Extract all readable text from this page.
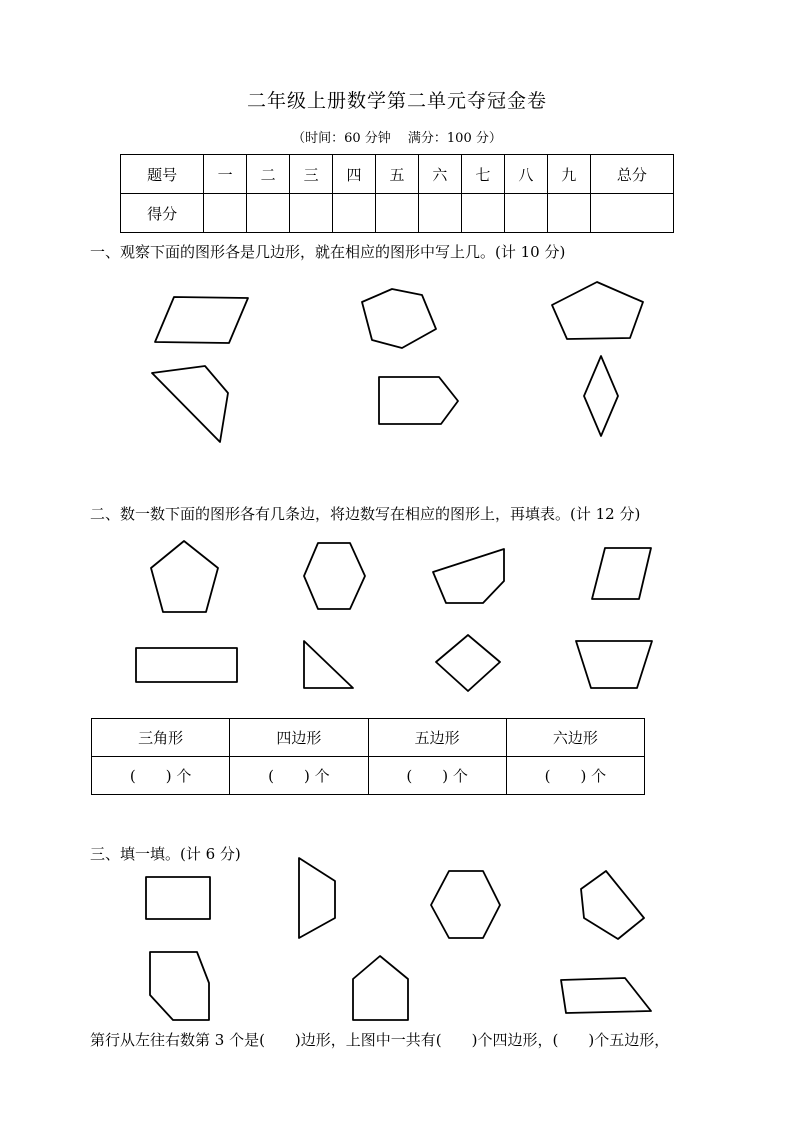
二年级上册数学第二单元夺冠金卷
（时间：60 分钟　 满分：100 分）
题号	一	二	三	四	五	六	七	八	九	总分
得分										
一、观察下面的图形各是几边形，就在相应的图形中写上几。(计 10 分)
二、数一数下面的图形各有几条边，将边数写在相应的图形上，再填表。(计 12 分)
三角形	四边形	五边形	六边形
(　　) 个	(　　) 个	(　　) 个	(　　) 个
三、填一填。(计 6 分)
第行从左往右数第 3 个是(　　)边形，上图中一共有(　　)个四边形，(　　)个五边形，
